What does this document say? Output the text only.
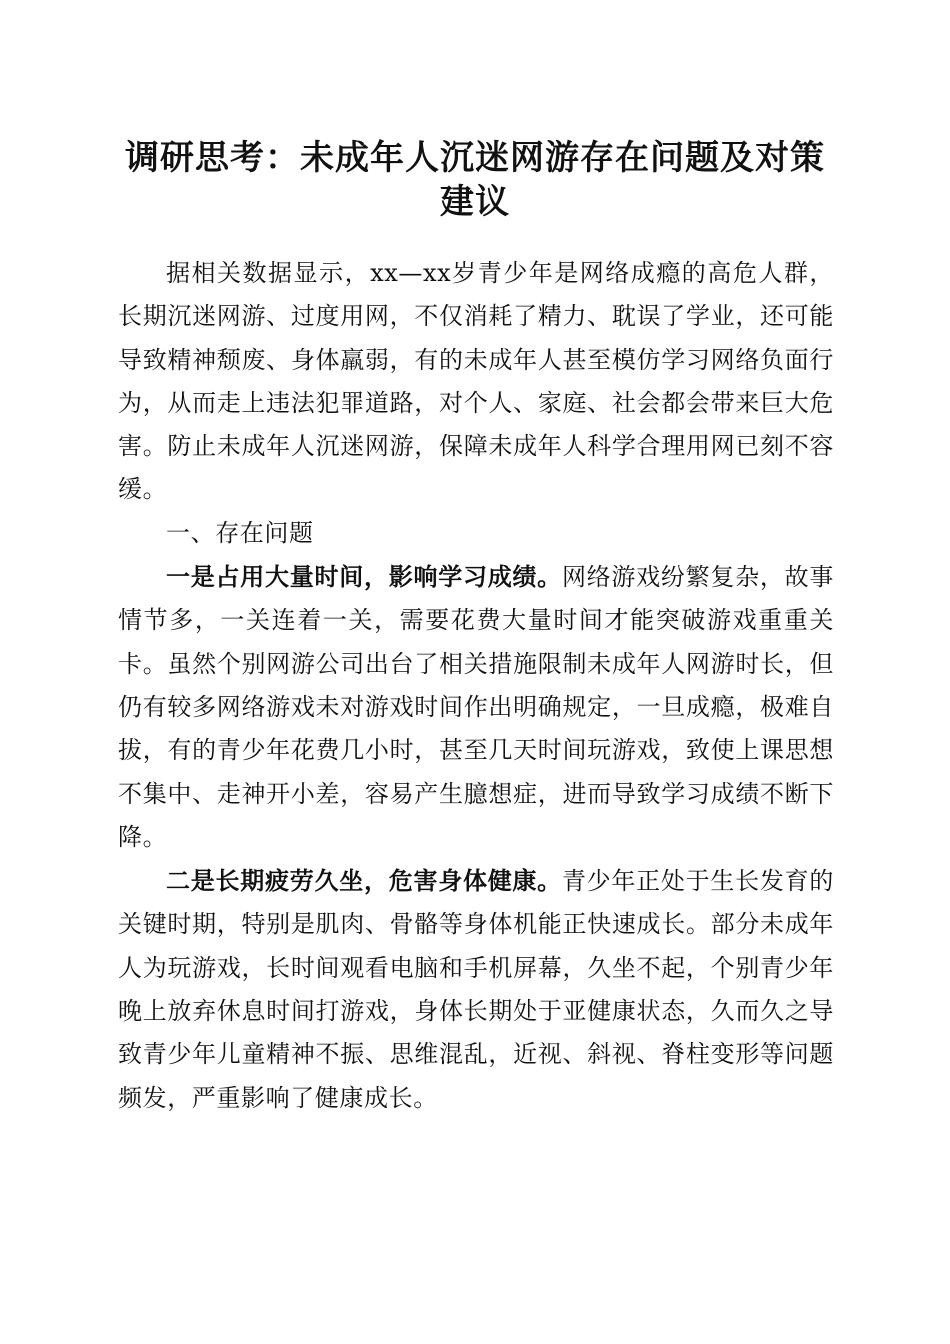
调研思考：未成年人沉迷网游存在问题及对策建议

据相关数据显示，xx—xx岁青少年是网络成瘾的高危人群，长期沉迷网游、过度用网，不仅消耗了精力、耽误了学业，还可能导致精神颓废、身体羸弱，有的未成年人甚至模仿学习网络负面行为，从而走上违法犯罪道路，对个人、家庭、社会都会带来巨大危害。防止未成年人沉迷网游，保障未成年人科学合理用网已刻不容缓。

一、存在问题

一是占用大量时间，影响学习成绩。网络游戏纷繁复杂，故事情节多，一关连着一关，需要花费大量时间才能突破游戏重重关卡。虽然个别网游公司出台了相关措施限制未成年人网游时长，但仍有较多网络游戏未对游戏时间作出明确规定，一旦成瘾，极难自拔，有的青少年花费几小时，甚至几天时间玩游戏，致使上课思想不集中、走神开小差，容易产生臆想症，进而导致学习成绩不断下降。

二是长期疲劳久坐，危害身体健康。青少年正处于生长发育的关键时期，特别是肌肉、骨骼等身体机能正快速成长。部分未成年人为玩游戏，长时间观看电脑和手机屏幕，久坐不起，个别青少年晚上放弃休息时间打游戏，身体长期处于亚健康状态，久而久之导致青少年儿童精神不振、思维混乱，近视、斜视、脊柱变形等问题频发，严重影响了健康成长。
